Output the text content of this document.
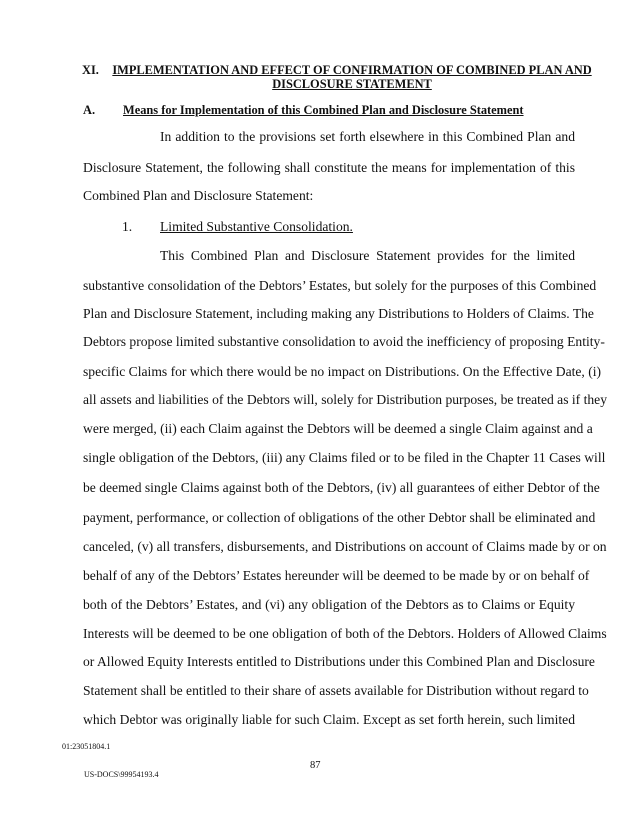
XI. IMPLEMENTATION AND EFFECT OF CONFIRMATION OF COMBINED PLAN AND DISCLOSURE STATEMENT
A. Means for Implementation of this Combined Plan and Disclosure Statement
In addition to the provisions set forth elsewhere in this Combined Plan and
Disclosure Statement, the following shall constitute the means for implementation of this
Combined Plan and Disclosure Statement:
1. Limited Substantive Consolidation.
This Combined Plan and Disclosure Statement provides for the limited
substantive consolidation of the Debtors’ Estates, but solely for the purposes of this Combined
Plan and Disclosure Statement, including making any Distributions to Holders of Claims. The
Debtors propose limited substantive consolidation to avoid the inefficiency of proposing Entity-
specific Claims for which there would be no impact on Distributions. On the Effective Date, (i)
all assets and liabilities of the Debtors will, solely for Distribution purposes, be treated as if they
were merged, (ii) each Claim against the Debtors will be deemed a single Claim against and a
single obligation of the Debtors, (iii) any Claims filed or to be filed in the Chapter 11 Cases will
be deemed single Claims against both of the Debtors, (iv) all guarantees of either Debtor of the
payment, performance, or collection of obligations of the other Debtor shall be eliminated and
canceled, (v) all transfers, disbursements, and Distributions on account of Claims made by or on
behalf of any of the Debtors’ Estates hereunder will be deemed to be made by or on behalf of
both of the Debtors’ Estates, and (vi) any obligation of the Debtors as to Claims or Equity
Interests will be deemed to be one obligation of both of the Debtors. Holders of Allowed Claims
or Allowed Equity Interests entitled to Distributions under this Combined Plan and Disclosure
Statement shall be entitled to their share of assets available for Distribution without regard to
which Debtor was originally liable for such Claim. Except as set forth herein, such limited
01:23051804.1
87
US-DOCS\99954193.4
